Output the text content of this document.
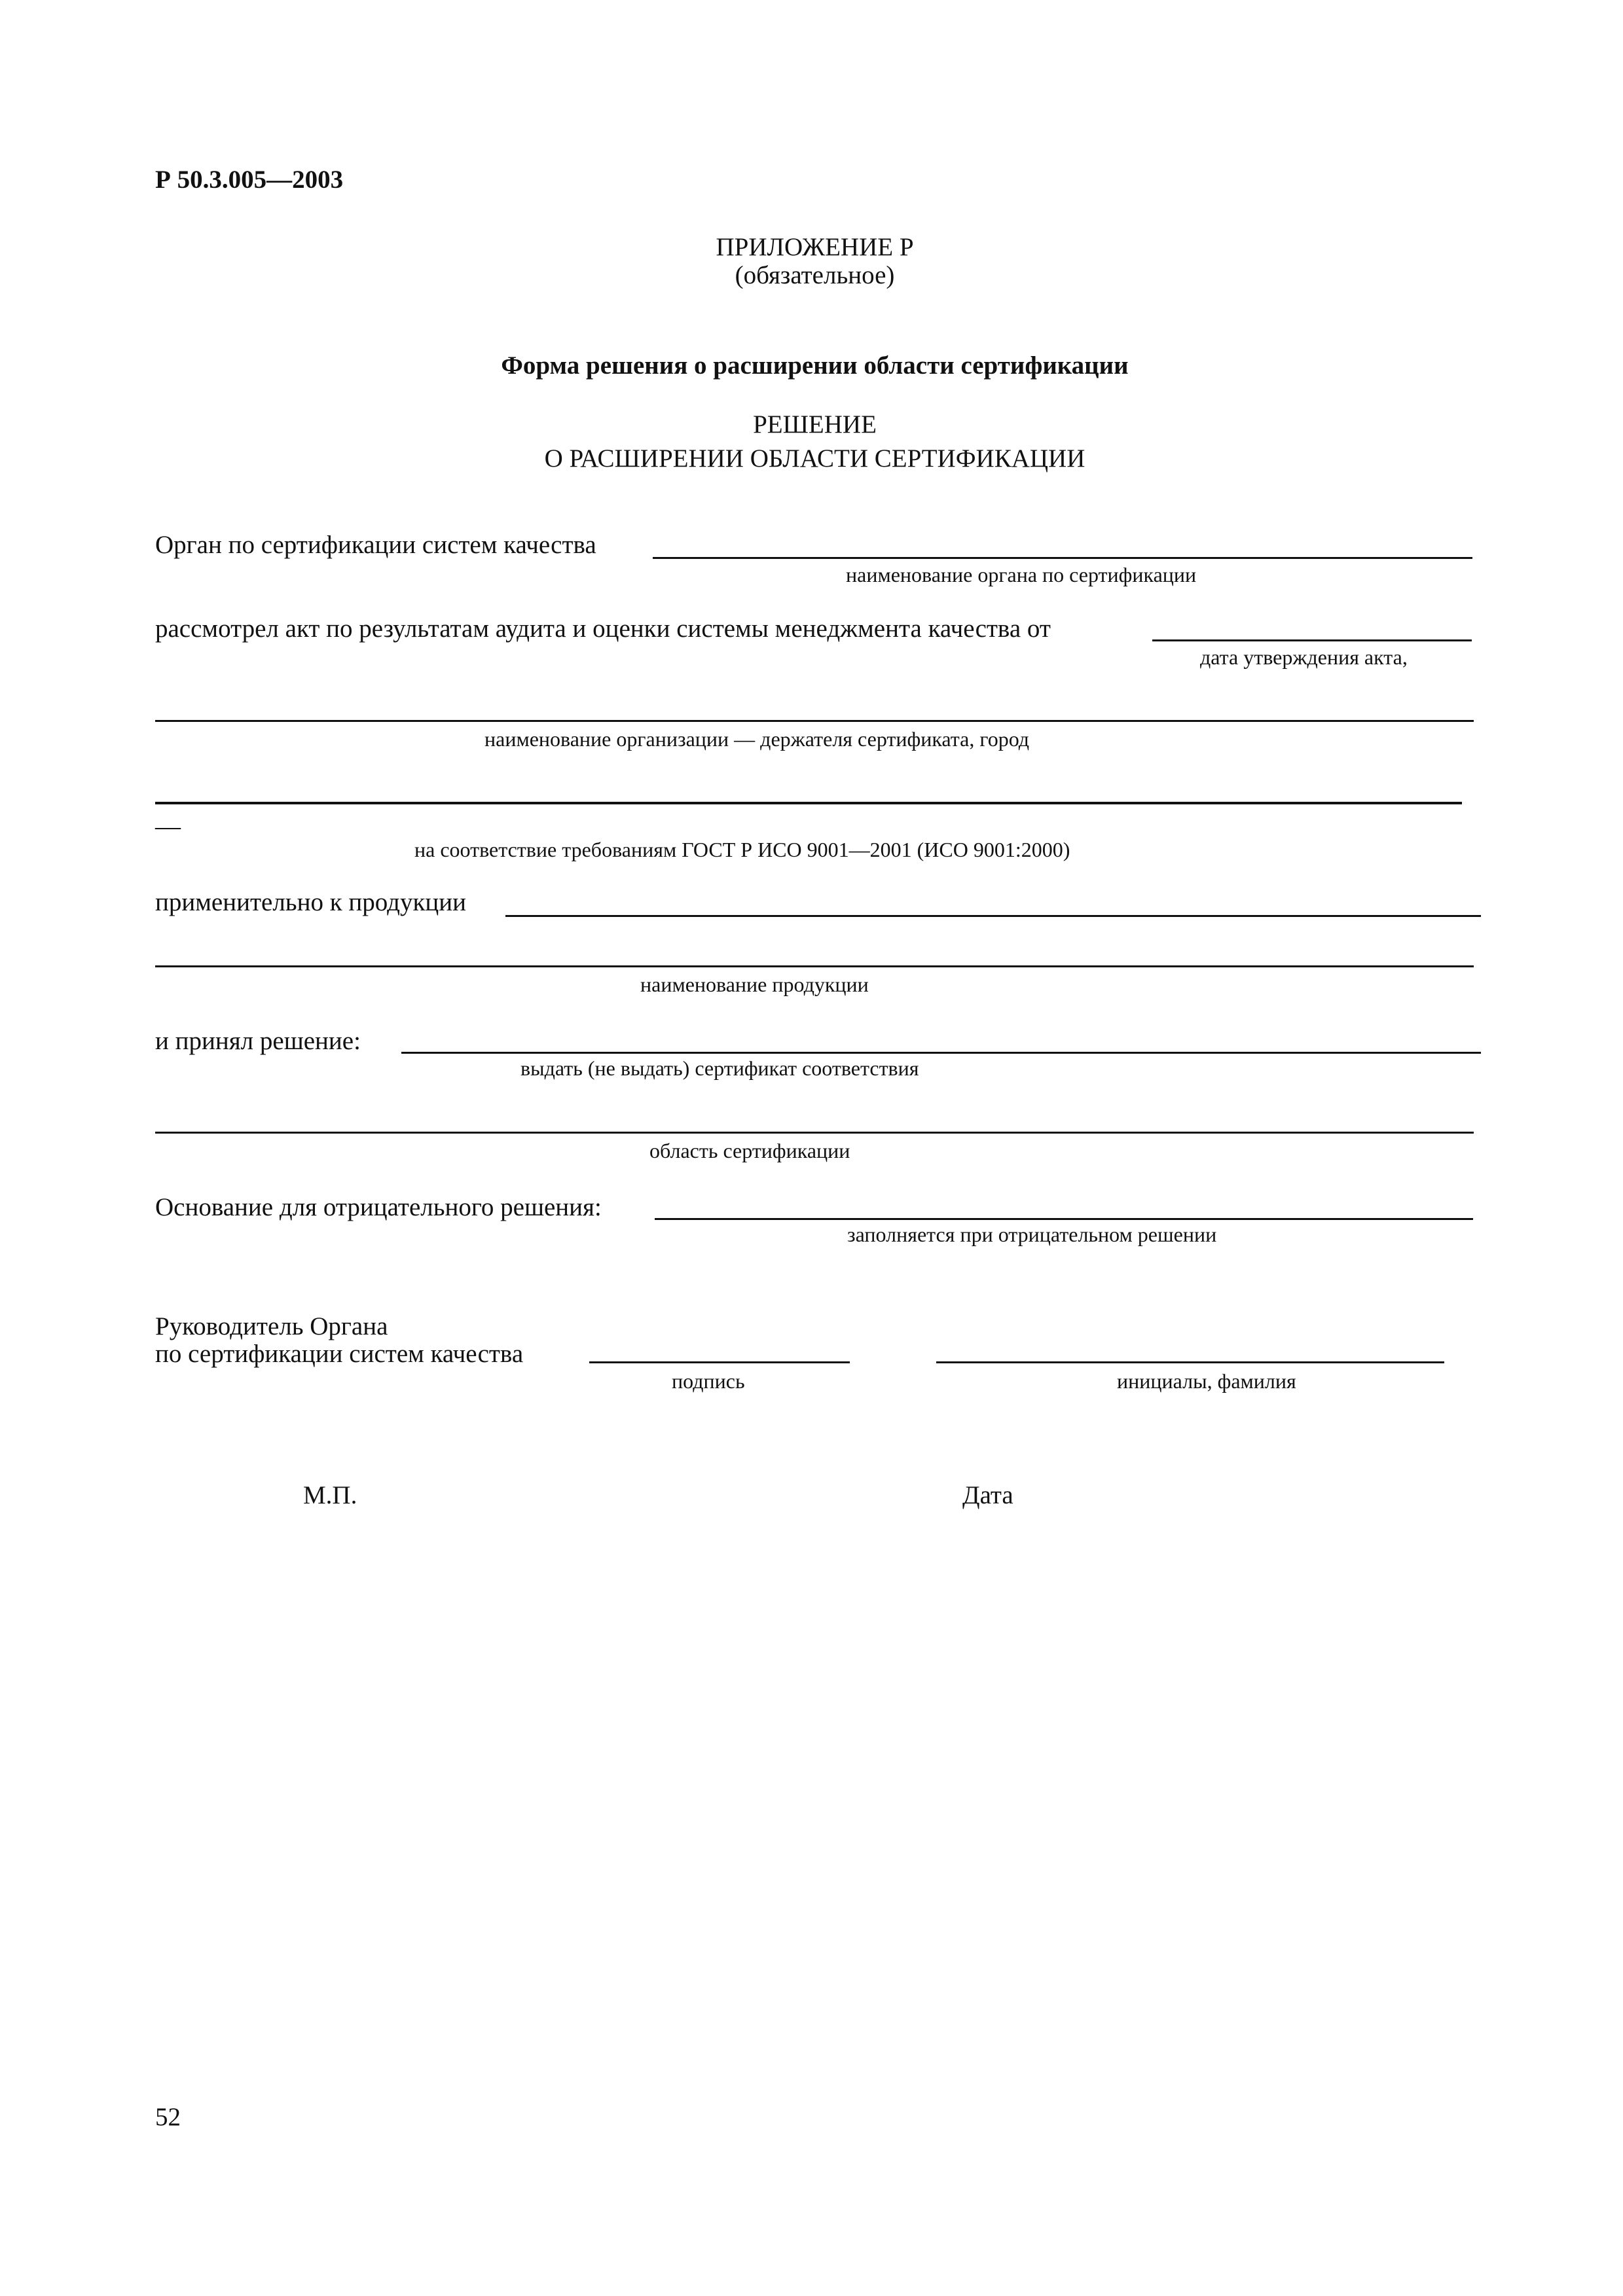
Р 50.3.005—2003
ПРИЛОЖЕНИЕ Р
(обязательное)
Форма решения о расширении области сертификации
РЕШЕНИЕ
О РАСШИРЕНИИ ОБЛАСТИ СЕРТИФИКАЦИИ
Орган по сертификации систем качества
наименование органа по сертификации
рассмотрел акт по результатам аудита и оценки системы менеджмента качества от
дата утверждения акта,
наименование организации — держателя сертификата, город
—
на соответствие требованиям ГОСТ Р ИСО 9001—2001 (ИСО 9001:2000)
применительно к продукции
наименование продукции
и принял решение:
выдать (не выдать) сертификат соответствия
область сертификации
Основание для отрицательного решения:
заполняется при отрицательном решении
Руководитель Органа
по сертификации систем качества
подпись	инициалы, фамилия
М.П.	Дата
52
